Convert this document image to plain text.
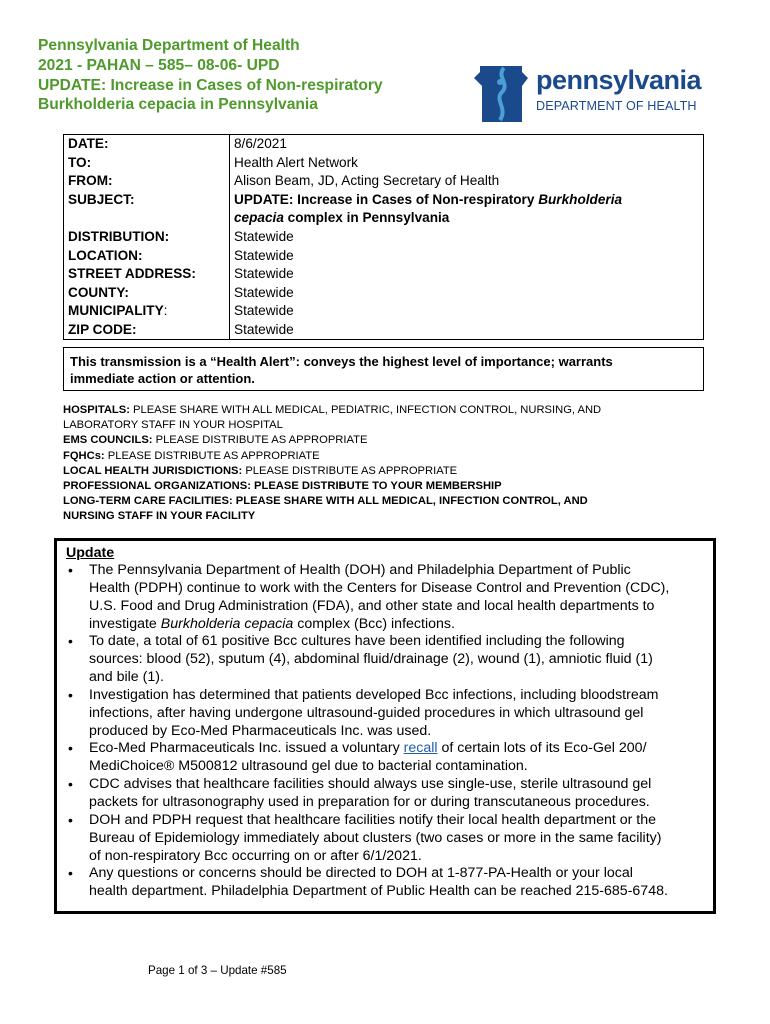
Pennsylvania Department of Health
2021 - PAHAN – 585– 08-06- UPD
UPDATE: Increase in Cases of Non-respiratory
Burkholderia cepacia in Pennsylvania
pennsylvania
DEPARTMENT OF HEALTH
DATE:	8/6/2021
TO:	Health Alert Network
FROM:	Alison Beam, JD, Acting Secretary of Health
SUBJECT:	UPDATE: Increase in Cases of Non-respiratory Burkholderia
cepacia complex in Pennsylvania
DISTRIBUTION:	Statewide
LOCATION:	Statewide
STREET ADDRESS:	Statewide
COUNTY:	Statewide
MUNICIPALITY:	Statewide
ZIP CODE:	Statewide
This transmission is a “Health Alert”: conveys the highest level of importance; warrants
immediate action or attention.
HOSPITALS: PLEASE SHARE WITH ALL MEDICAL, PEDIATRIC, INFECTION CONTROL, NURSING, AND
LABORATORY STAFF IN YOUR HOSPITAL
EMS COUNCILS: PLEASE DISTRIBUTE AS APPROPRIATE
FQHCs: PLEASE DISTRIBUTE AS APPROPRIATE
LOCAL HEALTH JURISDICTIONS: PLEASE DISTRIBUTE AS APPROPRIATE
PROFESSIONAL ORGANIZATIONS: PLEASE DISTRIBUTE TO YOUR MEMBERSHIP
LONG-TERM CARE FACILITIES: PLEASE SHARE WITH ALL MEDICAL, INFECTION CONTROL, AND
NURSING STAFF IN YOUR FACILITY
Update
• The Pennsylvania Department of Health (DOH) and Philadelphia Department of Public
Health (PDPH) continue to work with the Centers for Disease Control and Prevention (CDC),
U.S. Food and Drug Administration (FDA), and other state and local health departments to
investigate Burkholderia cepacia complex (Bcc) infections.
• To date, a total of 61 positive Bcc cultures have been identified including the following
sources: blood (52), sputum (4), abdominal fluid/drainage (2), wound (1), amniotic fluid (1)
and bile (1).
• Investigation has determined that patients developed Bcc infections, including bloodstream
infections, after having undergone ultrasound-guided procedures in which ultrasound gel
produced by Eco-Med Pharmaceuticals Inc. was used.
• Eco-Med Pharmaceuticals Inc. issued a voluntary recall of certain lots of its Eco-Gel 200/
MediChoice® M500812 ultrasound gel due to bacterial contamination.
• CDC advises that healthcare facilities should always use single-use, sterile ultrasound gel
packets for ultrasonography used in preparation for or during transcutaneous procedures.
• DOH and PDPH request that healthcare facilities notify their local health department or the
Bureau of Epidemiology immediately about clusters (two cases or more in the same facility)
of non-respiratory Bcc occurring on or after 6/1/2021.
• Any questions or concerns should be directed to DOH at 1-877-PA-Health or your local
health department. Philadelphia Department of Public Health can be reached 215-685-6748.
Page 1 of 3 – Update #585
